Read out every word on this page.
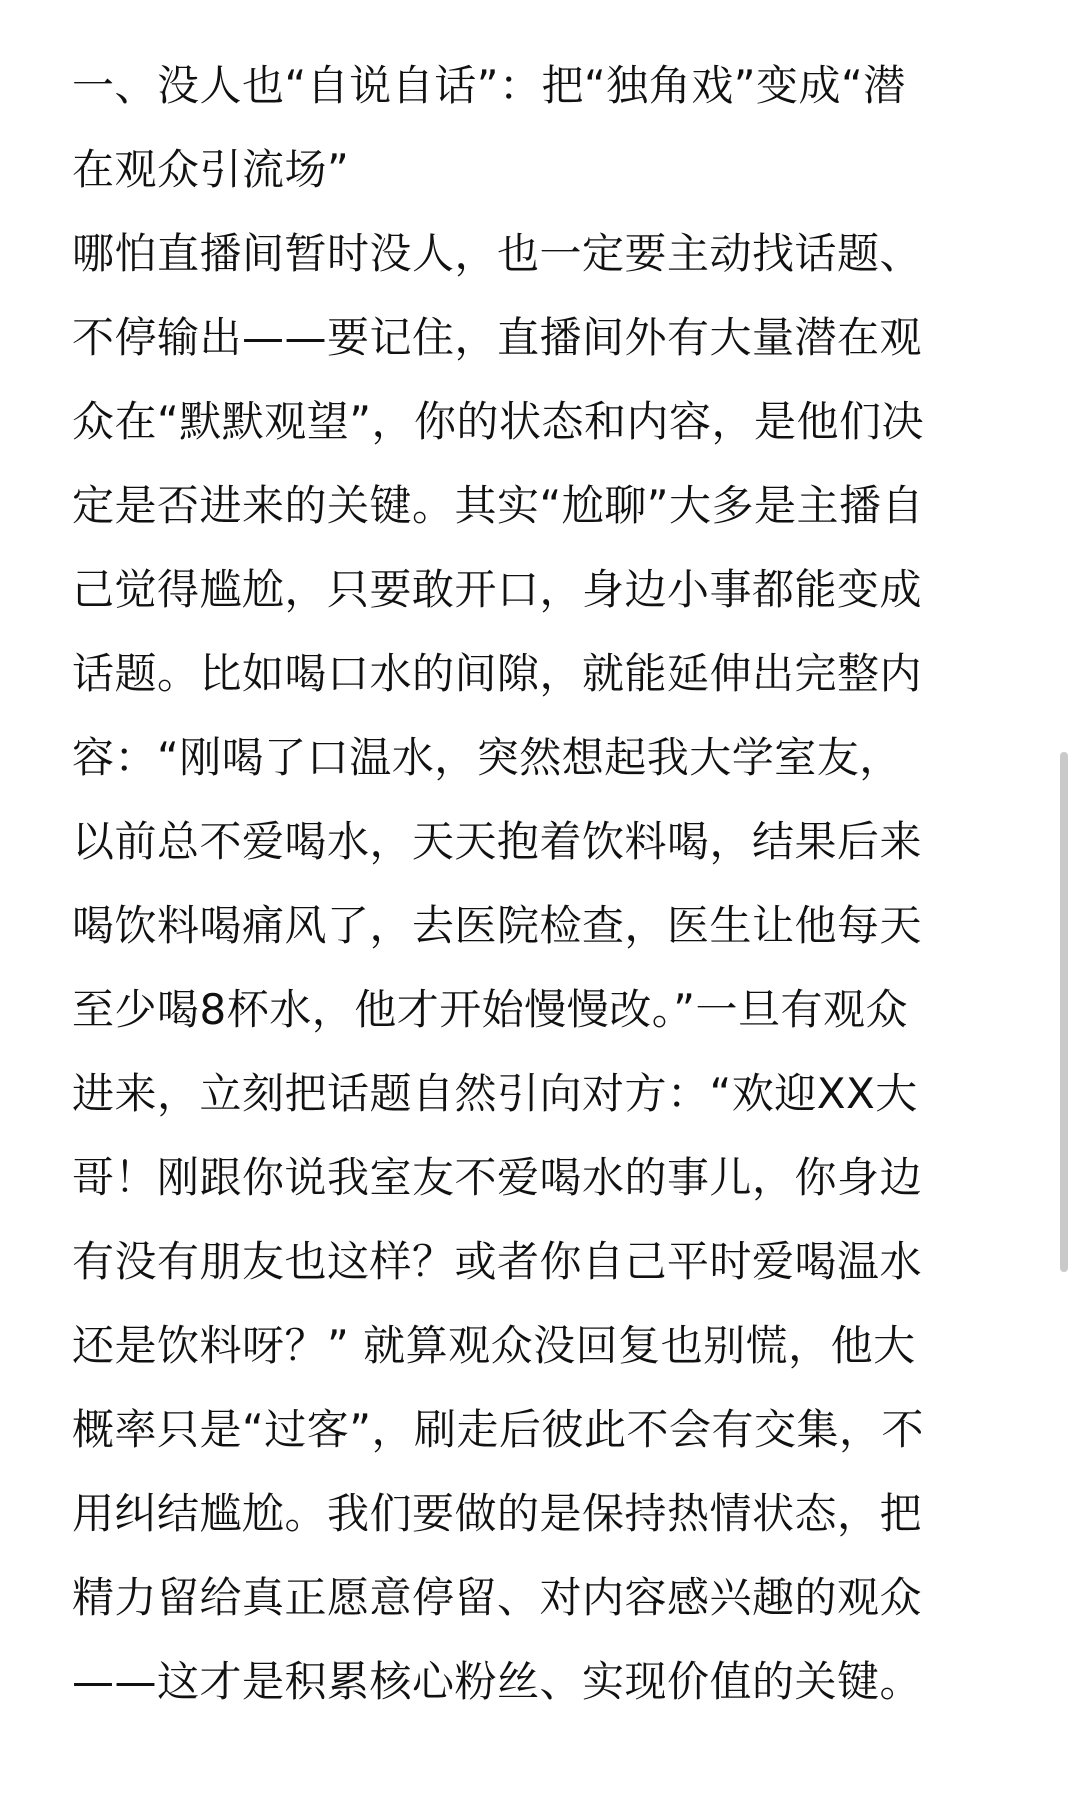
一、没人也“自说自话”：把“独角戏”变成“潜
在观众引流场”
哪怕直播间暂时没人，也一定要主动找话题、
不停输出——要记住，直播间外有大量潜在观
众在“默默观望”，你的状态和内容，是他们决
定是否进来的关键。其实“尬聊”大多是主播自
己觉得尴尬，只要敢开口，身边小事都能变成
话题。比如喝口水的间隙，就能延伸出完整内
容：“刚喝了口温水，突然想起我大学室友，
以前总不爱喝水，天天抱着饮料喝，结果后来
喝饮料喝痛风了，去医院检查，医生让他每天
至少喝8杯水，他才开始慢慢改。”一旦有观众
进来，立刻把话题自然引向对方：“欢迎XX大
哥！刚跟你说我室友不爱喝水的事儿，你身边
有没有朋友也这样？或者你自己平时爱喝温水
还是饮料呀？” 就算观众没回复也别慌，他大
概率只是“过客”，刷走后彼此不会有交集，不
用纠结尴尬。我们要做的是保持热情状态，把
精力留给真正愿意停留、对内容感兴趣的观众
——这才是积累核心粉丝、实现价值的关键。
